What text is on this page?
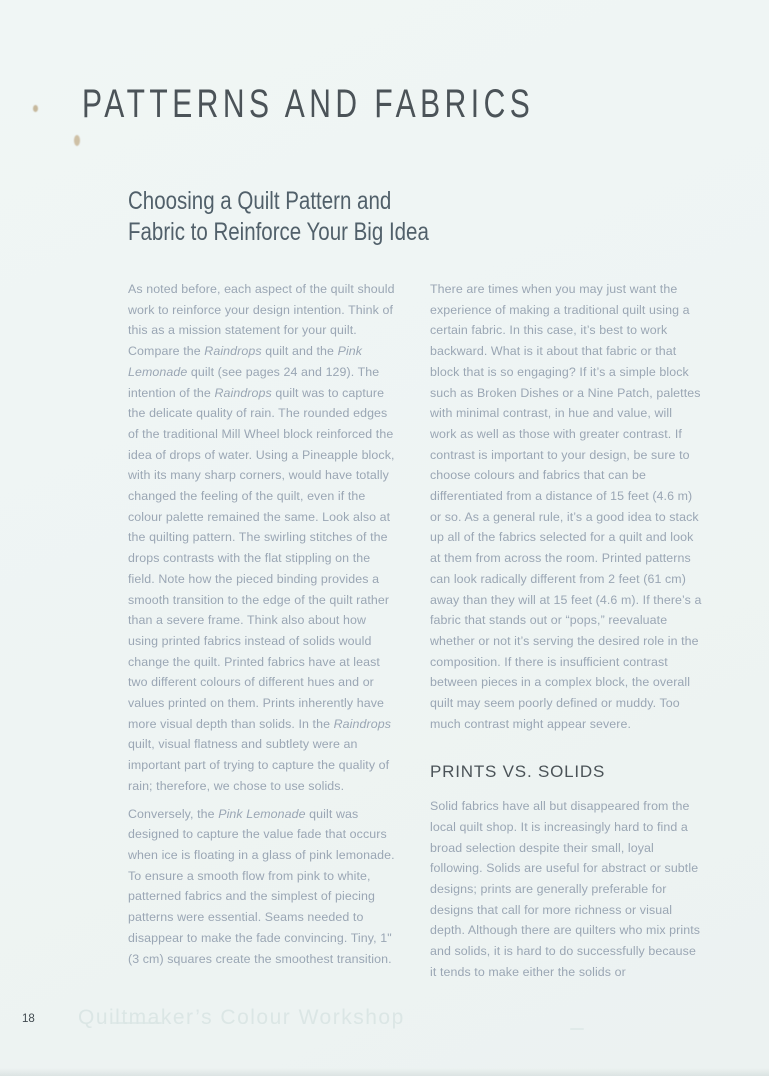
PATTERNS AND FABRICS
Choosing a Quilt Pattern and
Fabric to Reinforce Your Big Idea

As noted before, each aspect of the quilt should work to reinforce your design intention. Think of this as a mission statement for your quilt. Compare the Raindrops quilt and the Pink Lemonade quilt (see pages 24 and 129). The intention of the Raindrops quilt was to capture the delicate quality of rain. The rounded edges of the traditional Mill Wheel block reinforced the idea of drops of water. Using a Pineapple block, with its many sharp corners, would have totally changed the feeling of the quilt, even if the colour palette remained the same. Look also at the quilting pattern. The swirling stitches of the drops contrasts with the flat stippling on the field. Note how the pieced binding provides a smooth transition to the edge of the quilt rather than a severe frame. Think also about how using printed fabrics instead of solids would change the quilt. Printed fabrics have at least two different colours of different hues and or values printed on them. Prints inherently have more visual depth than solids. In the Raindrops quilt, visual flatness and subtlety were an important part of trying to capture the quality of rain; therefore, we chose to use solids.

Conversely, the Pink Lemonade quilt was designed to capture the value fade that occurs when ice is floating in a glass of pink lemonade. To ensure a smooth flow from pink to white, patterned fabrics and the simplest of piecing patterns were essential. Seams needed to disappear to make the fade convincing. Tiny, 1" (3 cm) squares create the smoothest transition.

There are times when you may just want the experience of making a traditional quilt using a certain fabric. In this case, it’s best to work backward. What is it about that fabric or that block that is so engaging? If it’s a simple block such as Broken Dishes or a Nine Patch, palettes with minimal contrast, in hue and value, will work as well as those with greater contrast. If contrast is important to your design, be sure to choose colours and fabrics that can be differentiated from a distance of 15 feet (4.6 m) or so. As a general rule, it’s a good idea to stack up all of the fabrics selected for a quilt and look at them from across the room. Printed patterns can look radically different from 2 feet (61 cm) away than they will at 15 feet (4.6 m). If there’s a fabric that stands out or “pops,” reevaluate whether or not it’s serving the desired role in the composition. If there is insufficient contrast between pieces in a complex block, the overall quilt may seem poorly defined or muddy. Too much contrast might appear severe.

PRINTS VS. SOLIDS

Solid fabrics have all but disappeared from the local quilt shop. It is increasingly hard to find a broad selection despite their small, loyal following. Solids are useful for abstract or subtle designs; prints are generally preferable for designs that call for more richness or visual depth. Although there are quilters who mix prints and solids, it is hard to do successfully because it tends to make either the solids or

18 Quiltmaker’s Colour Workshop
